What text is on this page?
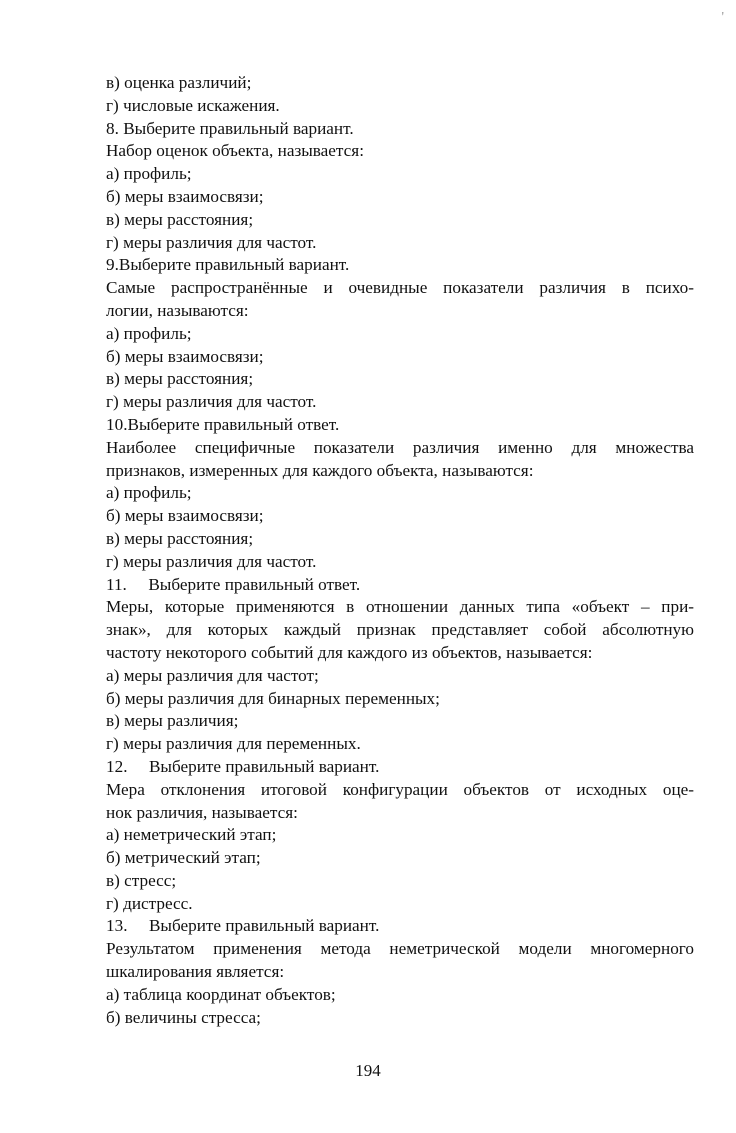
'
в) оценка различий;
г) числовые искажения.
8. Выберите правильный вариант.
Набор оценок объекта, называется:
а) профиль;
б) меры взаимосвязи;
в) меры расстояния;
г) меры различия для частот.
9.Выберите правильный вариант.
Самые распространённые и очевидные показатели различия в психо-
логии, называются:
а) профиль;
б) меры взаимосвязи;
в) меры расстояния;
г) меры различия для частот.
10.Выберите правильный ответ.
Наиболее специфичные показатели различия именно для множества
признаков, измеренных для каждого объекта, называются:
а) профиль;
б) меры взаимосвязи;
в) меры расстояния;
г) меры различия для частот.
11.     Выберите правильный ответ.
Меры, которые применяются в отношении данных типа «объект – при-
знак», для которых каждый признак представляет собой абсолютную
частоту некоторого событий для каждого из объектов, называется:
а) меры различия для частот;
б) меры различия для бинарных переменных;
в) меры различия;
г) меры различия для переменных.
12.     Выберите правильный вариант.
Мера отклонения итоговой конфигурации объектов от исходных оце-
нок различия, называется:
а) неметрический этап;
б) метрический этап;
в) стресс;
г) дистресс.
13.     Выберите правильный вариант.
Результатом применения метода неметрической модели многомерного
шкалирования является:
а) таблица координат объектов;
б) величины стресса;
194
